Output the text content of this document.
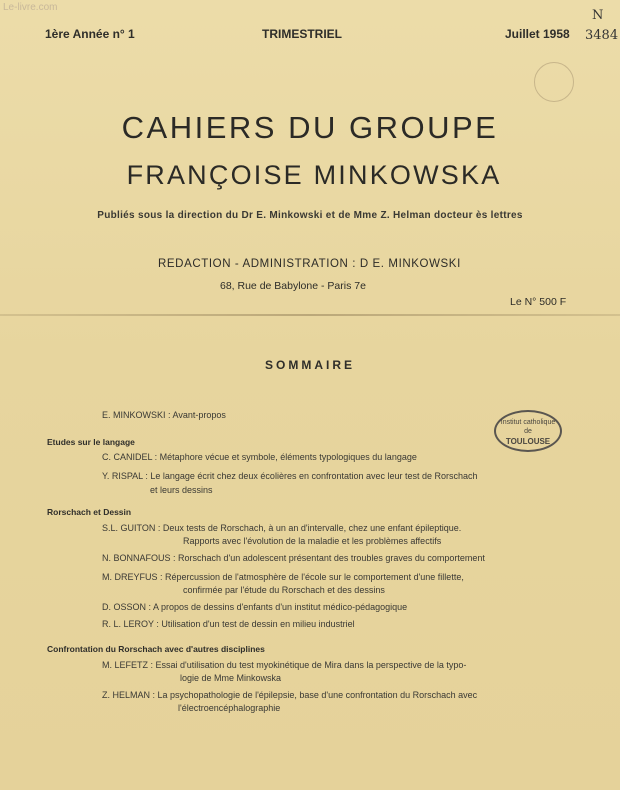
Le-livre.com
1ère Année n° 1	TRIMESTRIEL	Juillet 1958 3484
N
CAHIERS DU GROUPE
FRANÇOISE MINKOWSKA
Publiés sous la direction du Dr E. Minkowski et de Mme Z. Helman docteur ès lettres
REDACTION - ADMINISTRATION : D E. MINKOWSKI
68, Rue de Babylone - Paris 7e
Le N° 500 F
SOMMAIRE
Institut catholique
de
TOULOUSE
E. MINKOWSKI : Avant-propos
Etudes sur le langage
C. CANIDEL : Métaphore vécue et symbole, éléments typologiques du langage
Y. RISPAL : Le langage écrit chez deux écolières en confrontation avec leur test de Rorschach
et leurs dessins
Rorschach et Dessin
S.L. GUITON : Deux tests de Rorschach, à un an d'intervalle, chez une enfant épileptique.
Rapports avec l'évolution de la maladie et les problèmes affectifs
N. BONNAFOUS : Rorschach d'un adolescent présentant des troubles graves du comportement
M. DREYFUS : Répercussion de l'atmosphère de l'école sur le comportement d'une fillette,
confirmée par l'étude du Rorschach et des dessins
D. OSSON : A propos de dessins d'enfants d'un institut médico-pédagogique
R. L. LEROY : Utilisation d'un test de dessin en milieu industriel
Confrontation du Rorschach avec d'autres disciplines
M. LEFETZ : Essai d'utilisation du test myokinétique de Mira dans la perspective de la typo-
logie de Mme Minkowska
Z. HELMAN : La psychopathologie de l'épilepsie, base d'une confrontation du Rorschach avec
l'électroencéphalographie
